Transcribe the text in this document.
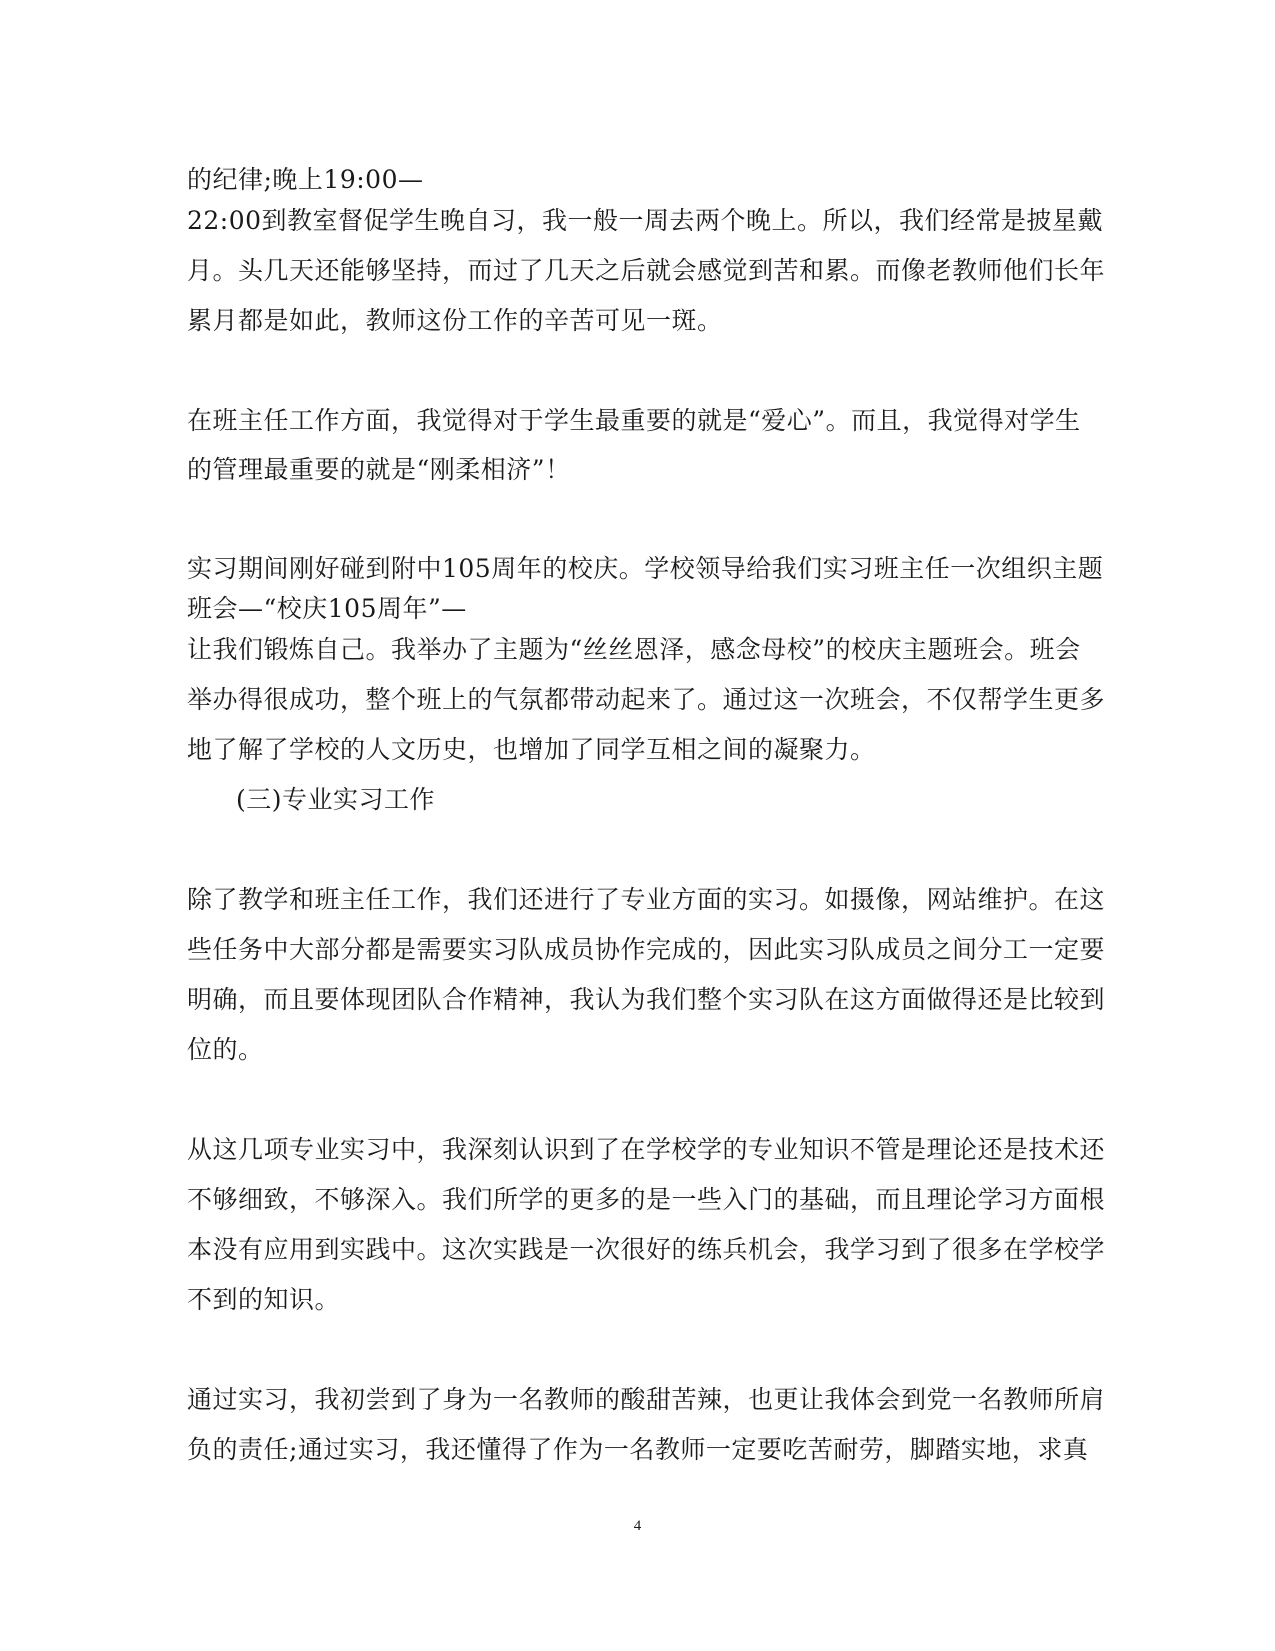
的纪律;晚上19:00—
22:00到教室督促学生晚自习，我一般一周去两个晚上。所以，我们经常是披星戴
月。头几天还能够坚持，而过了几天之后就会感觉到苦和累。而像老教师他们长年
累月都是如此，教师这份工作的辛苦可见一斑。
在班主任工作方面，我觉得对于学生最重要的就是“爱心”。而且，我觉得对学生
的管理最重要的就是“刚柔相济”！
实习期间刚好碰到附中105周年的校庆。学校领导给我们实习班主任一次组织主题
班会—“校庆105周年”—
让我们锻炼自己。我举办了主题为“丝丝恩泽，感念母校”的校庆主题班会。班会
举办得很成功，整个班上的气氛都带动起来了。通过这一次班会，不仅帮学生更多
地了解了学校的人文历史，也增加了同学互相之间的凝聚力。
(三)专业实习工作
除了教学和班主任工作，我们还进行了专业方面的实习。如摄像，网站维护。在这
些任务中大部分都是需要实习队成员协作完成的，因此实习队成员之间分工一定要
明确，而且要体现团队合作精神，我认为我们整个实习队在这方面做得还是比较到
位的。
从这几项专业实习中，我深刻认识到了在学校学的专业知识不管是理论还是技术还
不够细致，不够深入。我们所学的更多的是一些入门的基础，而且理论学习方面根
本没有应用到实践中。这次实践是一次很好的练兵机会，我学习到了很多在学校学
不到的知识。
通过实习，我初尝到了身为一名教师的酸甜苦辣，也更让我体会到党一名教师所肩
负的责任;通过实习，我还懂得了作为一名教师一定要吃苦耐劳，脚踏实地，求真
4
